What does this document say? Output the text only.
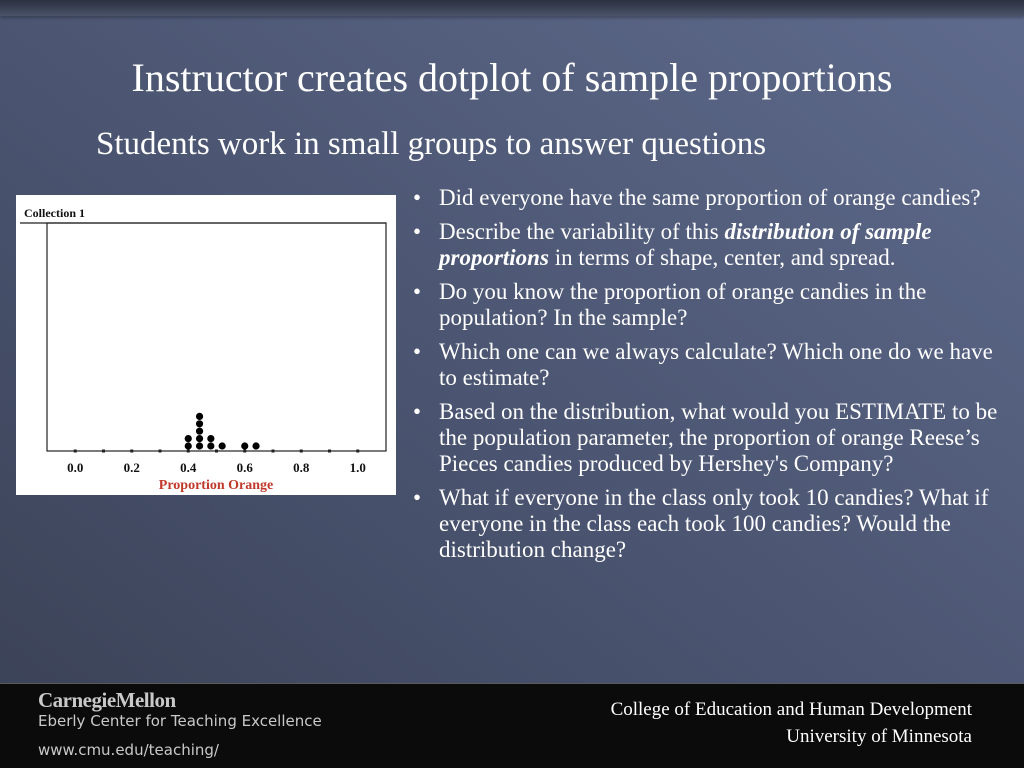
Instructor creates dotplot of sample proportions
Students work in small groups to answer questions
Collection 1
0.0	0.2	0.4	0.6	0.8	1.0
Proportion Orange
• Did everyone have the same proportion of orange candies?
• Describe the variability of this distribution of sample proportions in terms of shape, center, and spread.
• Do you know the proportion of orange candies in the population? In the sample?
• Which one can we always calculate? Which one do we have to estimate?
• Based on the distribution, what would you ESTIMATE to be the population parameter, the proportion of orange Reese’s Pieces candies produced by Hershey's Company?
• What if everyone in the class only took 10 candies? What if everyone in the class each took 100 candies? Would the distribution change?
CarnegieMellon
Eberly Center for Teaching Excellence
www.cmu.edu/teaching/
College of Education and Human Development
University of Minnesota
